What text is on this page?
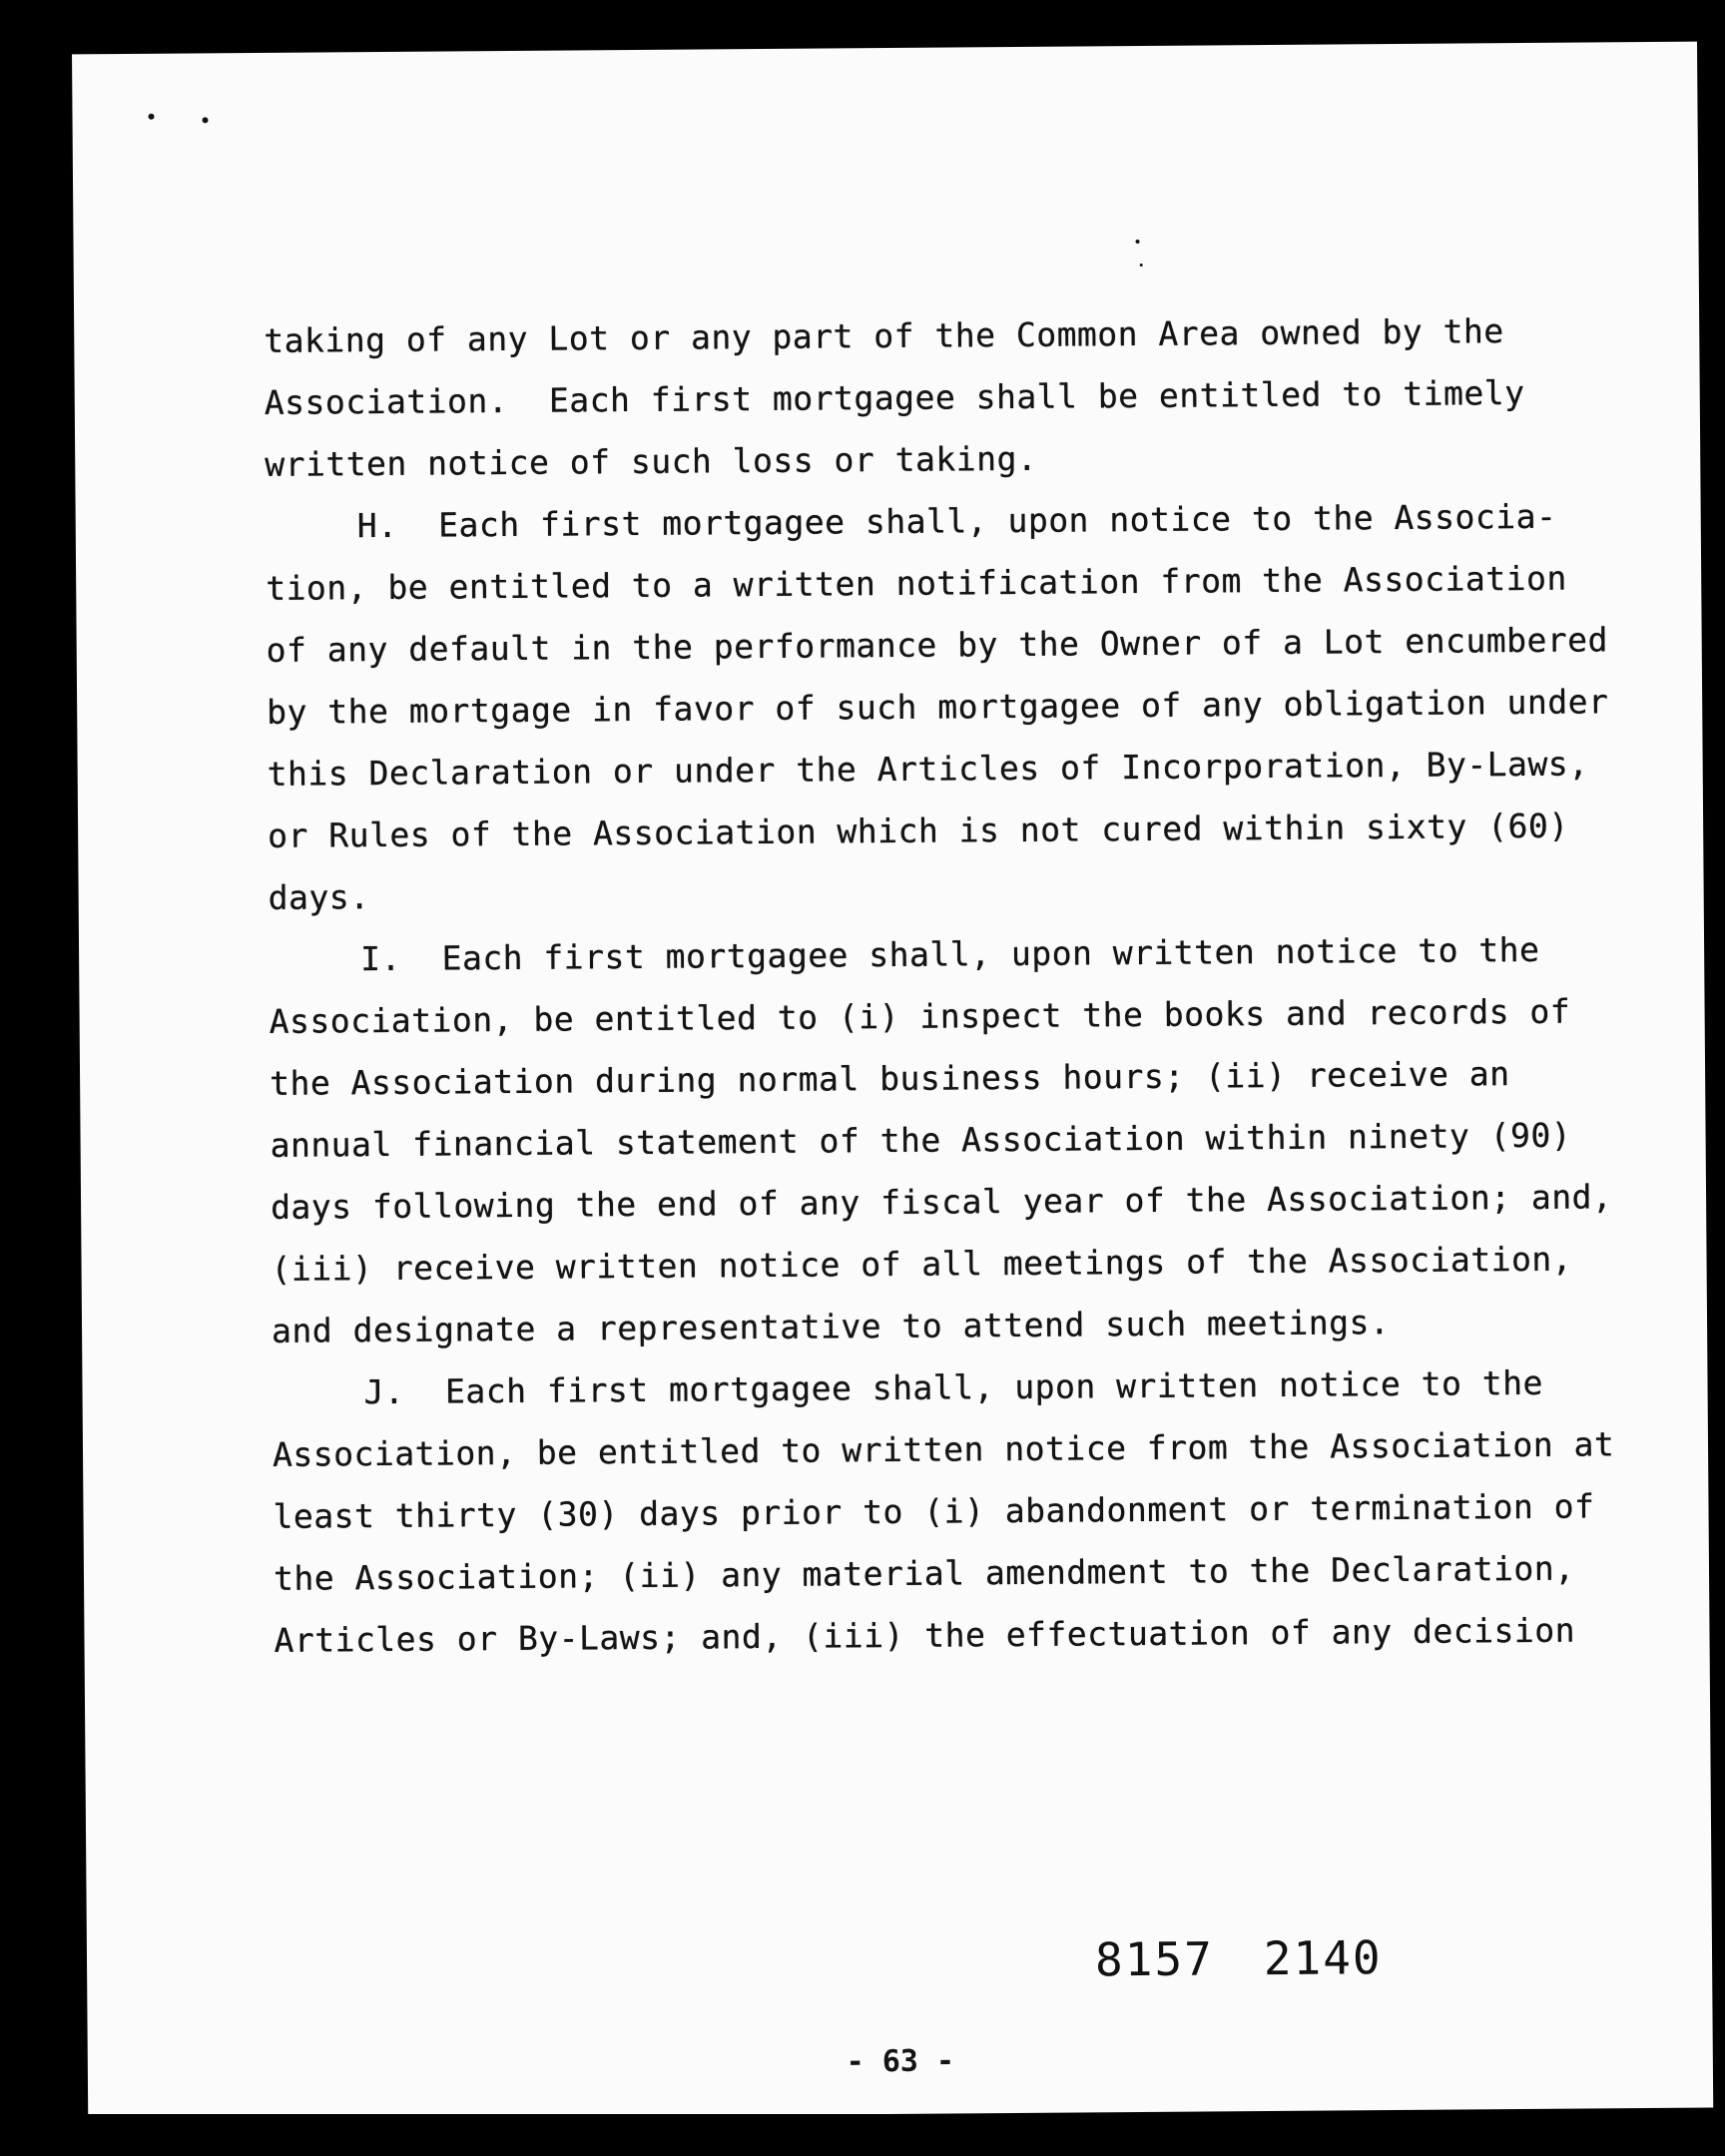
taking of any Lot or any part of the Common Area owned by the
Association.  Each first mortgagee shall be entitled to timely
written notice of such loss or taking.
H.  Each first mortgagee shall, upon notice to the Associa-
tion, be entitled to a written notification from the Association
of any default in the performance by the Owner of a Lot encumbered
by the mortgage in favor of such mortgagee of any obligation under
this Declaration or under the Articles of Incorporation, By-Laws,
or Rules of the Association which is not cured within sixty (60)
days.
I.  Each first mortgagee shall, upon written notice to the
Association, be entitled to (i) inspect the books and records of
the Association during normal business hours; (ii) receive an
annual financial statement of the Association within ninety (90)
days following the end of any fiscal year of the Association; and,
(iii) receive written notice of all meetings of the Association,
and designate a representative to attend such meetings.
J.  Each first mortgagee shall, upon written notice to the
Association, be entitled to written notice from the Association at
least thirty (30) days prior to (i) abandonment or termination of
the Association; (ii) any material amendment to the Declaration,
Articles or By-Laws; and, (iii) the effectuation of any decision
8157 2140
- 63 -
